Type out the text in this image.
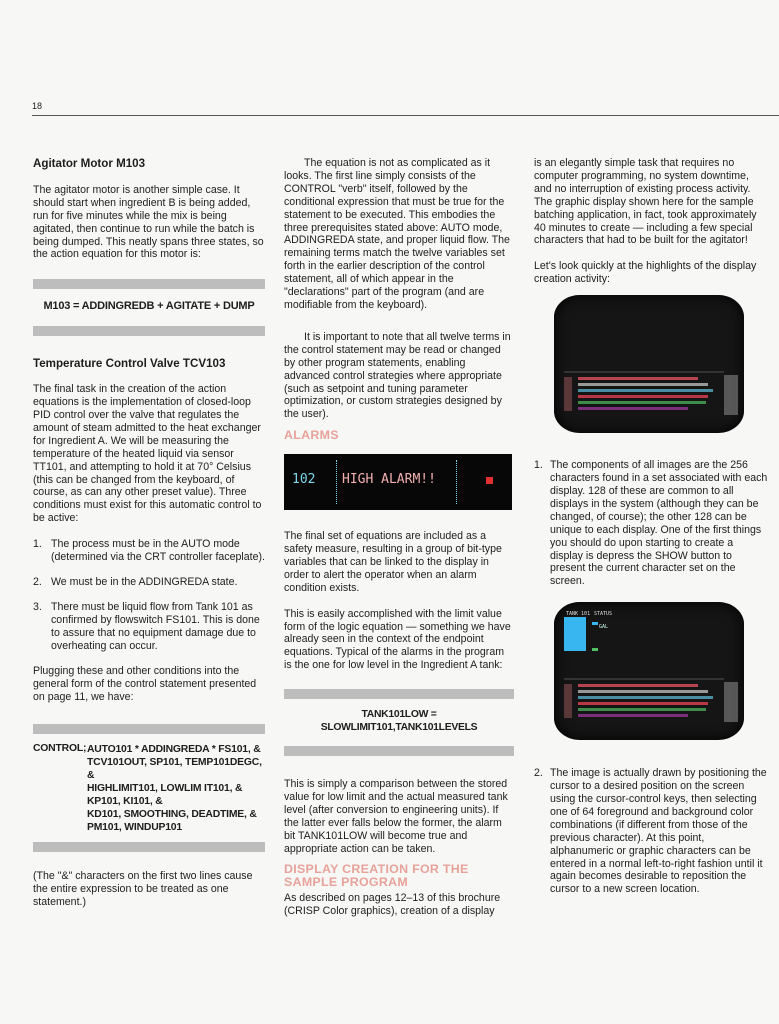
18
Agitator Motor M103

The agitator motor is another simple case. It should start when ingredient B is being added, run for five minutes while the mix is being agitated, then continue to run while the batch is being dumped. This neatly spans three states, so the action equation for this motor is:

M103 = ADDINGREDB + AGITATE + DUMP
Temperature Control Valve TCV103

The final task in the creation of the action equations is the implementation of closed-loop PID control over the valve that regulates the amount of steam admitted to the heat exchanger for Ingredient A. We will be measuring the temperature of the heated liquid via sensor TT101, and attempting to hold it at 70° Celsius (this can be changed from the keyboard, of course, as can any other preset value). Three conditions must exist for this automatic control to be active:

1. The process must be in the AUTO mode (determined via the CRT controller faceplate).
2. We must be in the ADDINGREDA state.
3. There must be liquid flow from Tank 101 as confirmed by flowswitch FS101. This is done to assure that no equipment damage due to overheating can occur.

Plugging these and other conditions into the general form of the control statement presented on page 11, we have:

CONTROL; AUTO101 * ADDINGREDA * FS101, &
TCV101OUT, SP101, TEMP101DEGC, &
HIGHLIMIT101, LOWLIM IT101, &
KP101, KI101, &
KD101, SMOOTHING, DEADTIME, &
PM101, WINDUP101

(The "&" characters on the first two lines cause the entire expression to be treated as one statement.)

The equation is not as complicated as it looks. The first line simply consists of the CONTROL "verb" itself, followed by the conditional expression that must be true for the statement to be executed. This embodies the three prerequisites stated above: AUTO mode, ADDINGREDA state, and proper liquid flow. The remaining terms match the twelve variables set forth in the earlier description of the control statement, all of which appear in the "declarations" part of the program (and are modifiable from the keyboard).

It is important to note that all twelve terms in the control statement may be read or changed by other program statements, enabling advanced control strategies where appropriate (such as setpoint and tuning parameter optimization, or custom strategies designed by the user).

ALARMS
102 HIGH ALARM!!

The final set of equations are included as a safety measure, resulting in a group of bit-type variables that can be linked to the display in order to alert the operator when an alarm condition exists.

This is easily accomplished with the limit value form of the logic equation — something we have already seen in the context of the endpoint equations. Typical of the alarms in the program is the one for low level in the Ingredient A tank:

TANK101LOW = SLOWLIMIT101,TANK101LEVELS

This is simply a comparison between the stored value for low limit and the actual measured tank level (after conversion to engineering units). If the latter ever falls below the former, the alarm bit TANK101LOW will become true and appropriate action can be taken.

DISPLAY CREATION FOR THE SAMPLE PROGRAM

As described on pages 12–13 of this brochure (CRISP Color graphics), creation of a display

is an elegantly simple task that requires no computer programming, no system downtime, and no interruption of existing process activity. The graphic display shown here for the sample batching application, in fact, took approximately 40 minutes to create — including a few special characters that had to be built for the agitator!

Let's look quickly at the highlights of the display creation activity:

1. The components of all images are the 256 characters found in a set associated with each display. 128 of these are common to all displays in the system (although they can be changed, of course); the other 128 can be unique to each display. One of the first things you should do upon starting to create a display is depress the SHOW button to present the current character set on the screen.
TANK 101 STATUS
GAL
2. The image is actually drawn by positioning the cursor to a desired position on the screen using the cursor-control keys, then selecting one of 64 foreground and background color combinations (if different from those of the previous character). At this point, alphanumeric or graphic characters can be entered in a normal left-to-right fashion until it again becomes desirable to reposition the cursor to a new screen location.
